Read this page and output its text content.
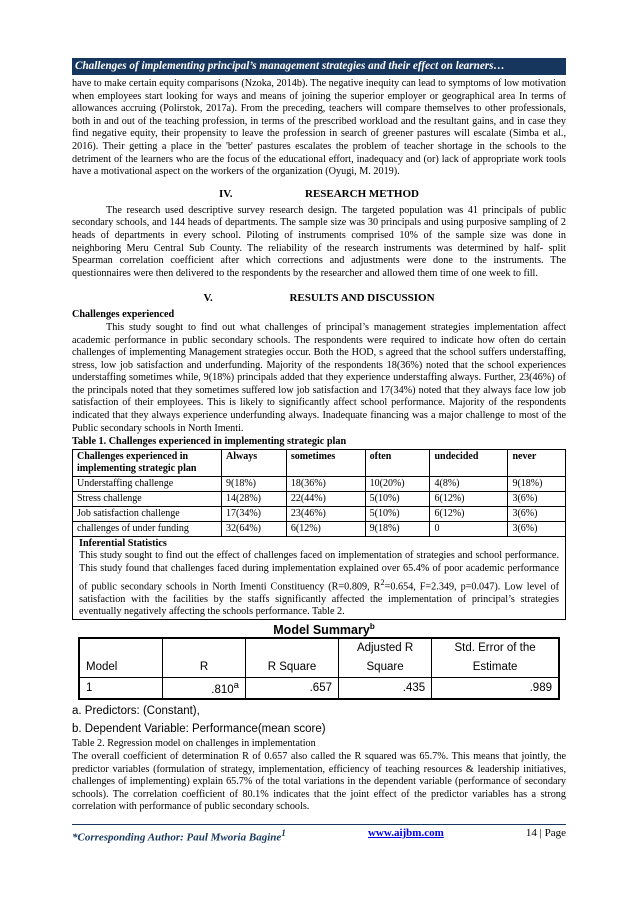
Challenges of implementing principal’s management strategies and their effect on learners…

have to make certain equity comparisons (Nzoka, 2014b). The negative inequity can lead to symptoms of low motivation when employees start looking for ways and means of joining the superior employer or geographical area In terms of allowances accruing (Polirstok, 2017a). From the preceding, teachers will compare themselves to other professionals, both in and out of the teaching profession, in terms of the prescribed workload and the resultant gains, and in case they find negative equity, their propensity to leave the profession in search of greener pastures will escalate (Simba et al., 2016). Their getting a place in the 'better' pastures escalates the problem of teacher shortage in the schools to the detriment of the learners who are the focus of the educational effort, inadequacy and (or) lack of appropriate work tools have a motivational aspect on the workers of the organization (Oyugi, M. 2019).

IV.	RESEARCH METHOD

The research used descriptive survey research design. The targeted population was 41 principals of public secondary schools, and 144 heads of departments. The sample size was 30 principals and using purposive sampling of 2 heads of departments in every school. Piloting of instruments comprised 10% of the sample size was done in neighboring Meru Central Sub County. The reliability of the research instruments was determined by half- split Spearman correlation coefficient after which corrections and adjustments were done to the instruments. The questionnaires were then delivered to the respondents by the researcher and allowed them time of one week to fill.

V.	RESULTS AND DISCUSSION
Challenges experienced

This study sought to find out what challenges of principal’s management strategies implementation affect academic performance in public secondary schools. The respondents were required to indicate how often do certain challenges of implementing Management strategies occur. Both the HOD, s agreed that the school suffers understaffing, stress, low job satisfaction and underfunding. Majority of the respondents 18(36%) noted that the school experiences understaffing sometimes while, 9(18%) principals added that they experience understaffing always. Further, 23(46%) of the principals noted that they sometimes suffered low job satisfaction and 17(34%) noted that they always face low job satisfaction of their employees. This is likely to significantly affect school performance. Majority of the respondents indicated that they always experience underfunding always. Inadequate financing was a major challenge to most of the Public secondary schools in North Imenti.

Table 1. Challenges experienced in implementing strategic plan
Challenges experienced in implementing strategic plan	Always	sometimes	often	undecided	never
Understaffing challenge	9(18%)	18(36%)	10(20%)	4(8%)	9(18%)
Stress challenge	14(28%)	22(44%)	5(10%)	6(12%)	3(6%)
Job satisfaction challenge	17(34%)	23(46%)	5(10%)	6(12%)	3(6%)
challenges of under funding	32(64%)	6(12%)	9(18%)	0	3(6%)
Inferential Statistics

This study sought to find out the effect of challenges faced on implementation of strategies and school performance. This study found that challenges faced during implementation explained over 65.4% of poor academic performance of public secondary schools in North Imenti Constituency (R=0.809, $R^2=0.654$, F=2.349, p=0.047). Low level of satisfaction with the facilities by the staffs significantly affected the implementation of principal’s strategies eventually negatively affecting the schools performance. Table 2.

Model Summary$^b$
			Adjusted R	Std. Error of the
Model	R	R Square	Square	Estimate
1	.810$^a$	.657	.435	.989
a. Predictors: (Constant),
b. Dependent Variable: Performance(mean score)
Table 2. Regression model on challenges in implementation

The overall coefficient of determination R of 0.657 also called the R squared was 65.7%. This means that jointly, the predictor variables (formulation of strategy, implementation, efficiency of teaching resources & leadership initiatives, challenges of implementing) explain 65.7% of the total variations in the dependent variable (performance of secondary schools). The correlation coefficient of 80.1% indicates that the joint effect of the predictor variables has a strong correlation with performance of public secondary schools.

*Corresponding Author: Paul Mworia Bagine$^1$	www.aijbm.com	14 | Page
